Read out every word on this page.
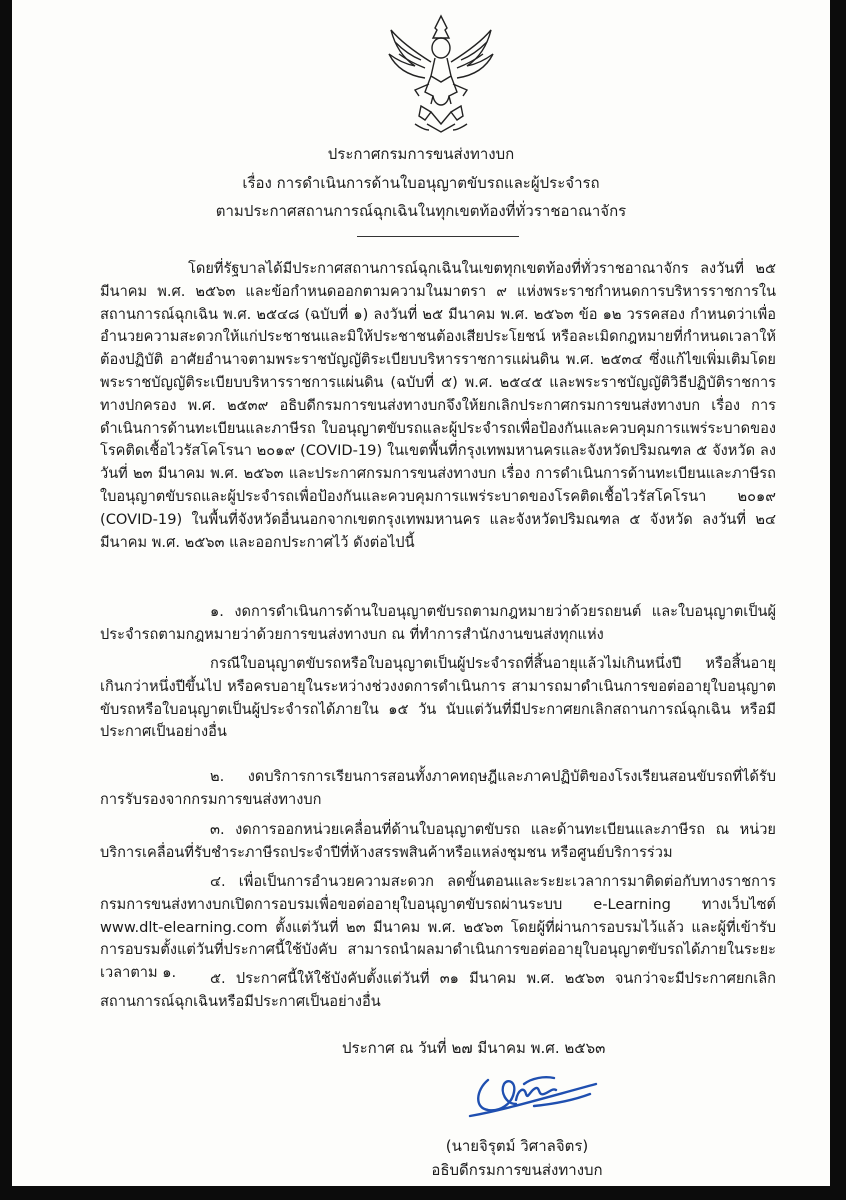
ประกาศกรมการขนส่งทางบก
เรื่อง การดำเนินการด้านใบอนุญาตขับรถและผู้ประจำรถ
ตามประกาศสถานการณ์ฉุกเฉินในทุกเขตท้องที่ทั่วราชอาณาจักร

โดยที่รัฐบาลได้มีประกาศสถานการณ์ฉุกเฉินในเขตทุกเขตท้องที่ทั่วราชอาณาจักร ลงวันที่ ๒๕ มีนาคม พ.ศ. ๒๕๖๓ และข้อกำหนดออกตามความในมาตรา ๙ แห่งพระราชกำหนดการบริหารราชการในสถานการณ์ฉุกเฉิน พ.ศ. ๒๕๔๘ (ฉบับที่ ๑) ลงวันที่ ๒๕ มีนาคม พ.ศ. ๒๕๖๓ ข้อ ๑๒ วรรคสอง กำหนดว่าเพื่ออำนวยความสะดวกให้แก่ประชาชนและมิให้ประชาชนต้องเสียประโยชน์ หรือละเมิดกฎหมายที่กำหนดเวลาให้ต้องปฏิบัติ อาศัยอำนาจตามพระราชบัญญัติระเบียบบริหารราชการแผ่นดิน พ.ศ. ๒๕๓๔ ซึ่งแก้ไขเพิ่มเติมโดยพระราชบัญญัติระเบียบบริหารราชการแผ่นดิน (ฉบับที่ ๕) พ.ศ. ๒๕๔๕ และพระราชบัญญัติวิธีปฏิบัติราชการทางปกครอง พ.ศ. ๒๕๓๙ อธิบดีกรมการขนส่งทางบกจึงให้ยกเลิกประกาศกรมการขนส่งทางบก เรื่อง การดำเนินการด้านทะเบียนและภาษีรถ ใบอนุญาตขับรถและผู้ประจำรถเพื่อป้องกันและควบคุมการแพร่ระบาดของโรคติดเชื้อไวรัสโคโรนา ๒๐๑๙ (COVID-19) ในเขตพื้นที่กรุงเทพมหานครและจังหวัดปริมณฑล ๕ จังหวัด ลงวันที่ ๒๓ มีนาคม พ.ศ. ๒๕๖๓ และประกาศกรมการขนส่งทางบก เรื่อง การดำเนินการด้านทะเบียนและภาษีรถ ใบอนุญาตขับรถและผู้ประจำรถเพื่อป้องกันและควบคุมการแพร่ระบาดของโรคติดเชื้อไวรัสโคโรนา ๒๐๑๙ (COVID-19) ในพื้นที่จังหวัดอื่นนอกจากเขตกรุงเทพมหานคร และจังหวัดปริมณฑล ๕ จังหวัด ลงวันที่ ๒๔ มีนาคม พ.ศ. ๒๕๖๓ และออกประกาศไว้ ดังต่อไปนี้

๑. งดการดำเนินการด้านใบอนุญาตขับรถตามกฎหมายว่าด้วยรถยนต์ และใบอนุญาตเป็นผู้ประจำรถตามกฎหมายว่าด้วยการขนส่งทางบก ณ ที่ทำการสำนักงานขนส่งทุกแห่ง

กรณีใบอนุญาตขับรถหรือใบอนุญาตเป็นผู้ประจำรถที่สิ้นอายุแล้วไม่เกินหนึ่งปี หรือสิ้นอายุเกินกว่าหนึ่งปีขึ้นไป หรือครบอายุในระหว่างช่วงงดการดำเนินการ สามารถมาดำเนินการขอต่ออายุใบอนุญาตขับรถหรือใบอนุญาตเป็นผู้ประจำรถได้ภายใน ๑๕ วัน นับแต่วันที่มีประกาศยกเลิกสถานการณ์ฉุกเฉิน หรือมีประกาศเป็นอย่างอื่น

๒. งดบริการการเรียนการสอนทั้งภาคทฤษฎีและภาคปฏิบัติของโรงเรียนสอนขับรถที่ได้รับการรับรองจากกรมการขนส่งทางบก

๓. งดการออกหน่วยเคลื่อนที่ด้านใบอนุญาตขับรถ และด้านทะเบียนและภาษีรถ ณ หน่วยบริการเคลื่อนที่รับชำระภาษีรถประจำปีที่ห้างสรรพสินค้าหรือแหล่งชุมชน หรือศูนย์บริการร่วม

๔. เพื่อเป็นการอำนวยความสะดวก ลดขั้นตอนและระยะเวลาการมาติดต่อกับทางราชการ กรมการขนส่งทางบกเปิดการอบรมเพื่อขอต่ออายุใบอนุญาตขับรถผ่านระบบ e-Learning ทางเว็บไซต์ www.dlt-elearning.com ตั้งแต่วันที่ ๒๓ มีนาคม พ.ศ. ๒๕๖๓ โดยผู้ที่ผ่านการอบรมไว้แล้ว และผู้ที่เข้ารับการอบรมตั้งแต่วันที่ประกาศนี้ใช้บังคับ สามารถนำผลมาดำเนินการขอต่ออายุใบอนุญาตขับรถได้ภายในระยะเวลาตาม ๑.	๕. ประกาศนี้ให้ใช้บังคับตั้งแต่วันที่ ๓๑ มีนาคม พ.ศ. ๒๕๖๓ จนกว่าจะมีประกาศยกเลิกสถานการณ์ฉุกเฉินหรือมีประกาศเป็นอย่างอื่น

ประกาศ ณ วันที่ ๒๗ มีนาคม พ.ศ. ๒๕๖๓
(นายจิรุตม์ วิศาลจิตร)
อธิบดีกรมการขนส่งทางบก
